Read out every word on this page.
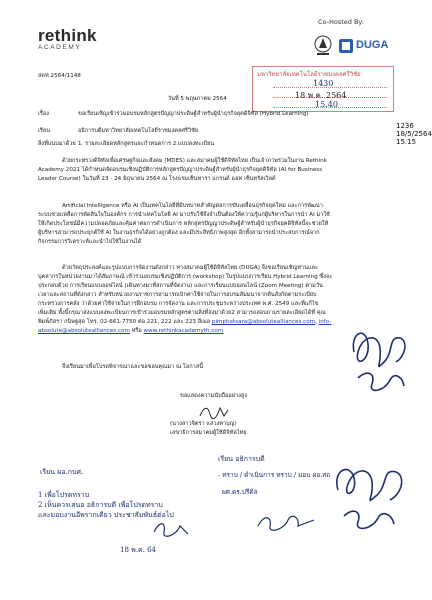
rethink
ACADEMY
Co-Hosted By:
DUGA
มหาวิทยาลัยเทคโนโลยีราชมงคลศรีวิชัย
1430
18 พ.ค. 2564
15.40
1236
18/5/2564
15.15
สดท.2564/1148
วันที่ 5 พฤษภาคม 2564
เรื่อง	ขอเรียนเชิญเข้าร่วมอบรมหลักสูตรปัญญาประดิษฐ์สำหรับผู้นำธุรกิจยุคดิจิทัล (Hybrid Learning)
เรียน	อธิการบดีมหาวิทยาลัยเทคโนโลยีราชมงคลศรีวิชัย
สิ่งที่แนบมาด้วย 1. รายละเอียดหลักสูตรและกำหนดการ 2.แบบลงทะเบียน
ด้วยกระทรวงดิจิทัลเพื่อเศรษฐกิจและสังคม (MDES) และสมาคมผู้ใช้ดิจิทัลไทย เป็นเจ้าภาพร่วมในงาน Rethink
Academy 2021 ได้กำหนดจัดอบรมเชิงปฏิบัติการหลักสูตรปัญญาประดิษฐ์สำหรับผู้นำธุรกิจยุคดิจิทัล (AI for Business
Leader Course) ในวันที่ 23 - 24 มิถุนายน 2564 ณ โรงแรมเซ็นทารา แกรนด์ แอท เซ็นทรัลเวิลด์
Artificial Intelligence หรือ AI เป็นเทคโนโลยีที่มีบทบาทสำคัญต่อการขับเคลื่อนธุรกิจยุคใหม่ และการพัฒนา
ระบบช่วยเหลือการตัดสินใจในองค์กร การนำเทคโนโลยี AI มาปรับใช้จึงจำเป็นต้องให้ความรู้แก่ผู้บริหารในการนำ AI มาใช้
ให้เกิดประโยชน์มีความปลอดภัยและคุ้มค่าต่อการดำเนินการ หลักสูตรปัญญาประดิษฐ์สำหรับผู้นำธุรกิจยุคดิจิทัลนี้จะช่วยให้
ผู้บริหารสามารถประยุกต์ใช้ AI ในงานธุรกิจได้อย่างถูกต้อง และมีประสิทธิภาพสูงสุด อีกทั้งสามารถนำประสบการณ์จาก
กิจกรรมการวิเคราะห์และนำไปใช้ในงานได้
ด้วยวัตถุประสงค์และรูปแบบการจัดงานดังกล่าว ทางสมาคมผู้ใช้ดิจิทัลไทย (DUGA) จึงขอเรียนเชิญท่านและ
บุคลากรในหน่วยงานมาได้สัมภาษณ์ เข้าร่วมอบรมเชิงปฏิบัติการ (workshop) ในรูปแบบการเรียน Hybrid Learning ซึ่งจะ
ประกอบด้วย การเรียนแบบออฟไลน์ (เดินทางมาที่สถานที่จัดงาน) และการเรียนแบบออนไลน์ (Zoom Meeting) ตามวัน
เวลาและสถานที่ดังกล่าว สำหรับหน่วยงานราชการสามารถเบิกค่าใช้จ่ายในการอบรมสัมมนาจากต้นสังกัดตามระเบียบ
กระทรวงการคลัง ว่าด้วยค่าใช้จ่ายในการฝึกอบรม การจัดงาน และการประชุมระหว่างประเทศ พ.ศ. 2549 และที่แก้ไข
เพิ่มเติม ทั้งนี้กรุณาส่งแบบลงทะเบียนการเข้าร่วมอบรมหลักสูตรตามสิ่งที่ส่งมาด้วย2 สามารถสอบถามรายละเอียดได้ที่ คุณ
พิมพ์ภัสรา กนิษฐสุด โทร. 02-661-7750 ต่อ 221, 222 และ 223 อีเมล pimphatsara@absolutealliances.com, info-
absolute@absolutealliances.com หรือ www.rethinkacademyth.com
จึงเรียนมาเพื่อโปรดพิจารณาและขอขอบคุณมา ณ โอกาสนี้
ขอแสดงความนับถืออย่างสูง
(นางสาวจิตรา แสวงทาบุญ)
เลขาธิการสมาคมผู้ใช้ดิจิทัลไทย
เรียน ผอ.กบศ.
1 เพื่อโปรดทราบ
2 เห็นควรเสนอ อธิการบดี เพื่อโปรดทราบ
และมอบงานอีพรากเดียว ประชาสัมพันธ์ต่อไป
18 พ.ค. 64
เรียน อธิการบดี
- ทราบ / ดำเนินการ ทราบ / มอบ ผอ.สถ
ผศ.ดร.ปรีดิล
